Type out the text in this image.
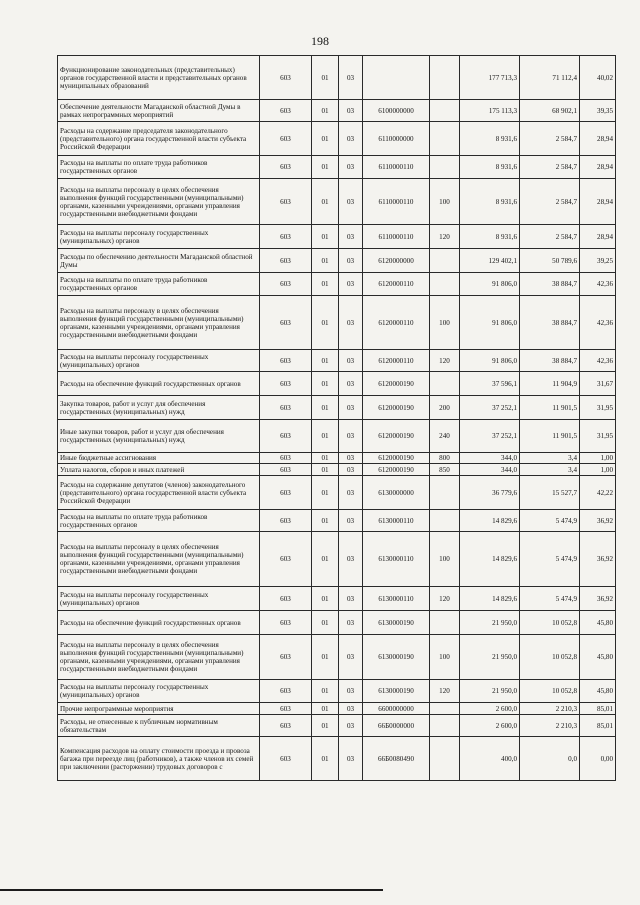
198
Функционирование законодательных (представительных) органов государственной власти и представительных органов муниципальных образований	603	01	03			177 713,3	71 112,4	40,02
Обеспечение деятельности Магаданской областной Думы в рамках непрограммных мероприятий	603	01	03	6100000000		175 113,3	68 902,1	39,35
Расходы на содержание председателя законодательного (представительного) органа государственной власти субъекта Российской Федерации	603	01	03	6110000000		8 931,6	2 584,7	28,94
Расходы на выплаты по оплате труда работников государственных органов	603	01	03	6110000110		8 931,6	2 584,7	28,94
Расходы на выплаты персоналу в целях обеспечения выполнения функций государственными (муниципальными) органами, казенными учреждениями, органами управления государственными внебюджетными фондами	603	01	03	6110000110	100	8 931,6	2 584,7	28,94
Расходы на выплаты персоналу государственных (муниципальных) органов	603	01	03	6110000110	120	8 931,6	2 584,7	28,94
Расходы по обеспечению деятельности Магаданской областной Думы	603	01	03	6120000000		129 402,1	50 789,6	39,25
Расходы на выплаты по оплате труда работников государственных органов	603	01	03	6120000110		91 806,0	38 884,7	42,36
Расходы на выплаты персоналу в целях обеспечения выполнения функций государственными (муниципальными) органами, казенными учреждениями, органами управления государственными внебюджетными фондами	603	01	03	6120000110	100	91 806,0	38 884,7	42,36
Расходы на выплаты персоналу государственных (муниципальных) органов	603	01	03	6120000110	120	91 806,0	38 884,7	42,36
Расходы на обеспечение функций государственных органов	603	01	03	6120000190		37 596,1	11 904,9	31,67
Закупка товаров, работ и услуг для обеспечения государственных (муниципальных) нужд	603	01	03	6120000190	200	37 252,1	11 901,5	31,95
Иные закупки товаров, работ и услуг для обеспечения государственных (муниципальных) нужд	603	01	03	6120000190	240	37 252,1	11 901,5	31,95
Иные бюджетные ассигнования	603	01	03	6120000190	800	344,0	3,4	1,00
Уплата налогов, сборов и иных платежей	603	01	03	6120000190	850	344,0	3,4	1,00
Расходы на содержание депутатов (членов) законодательного (представительного) органа государственной власти субъекта Российской Федерации	603	01	03	6130000000		36 779,6	15 527,7	42,22
Расходы на выплаты по оплате труда работников государственных органов	603	01	03	6130000110		14 829,6	5 474,9	36,92
Расходы на выплаты персоналу в целях обеспечения выполнения функций государственными (муниципальными) органами, казенными учреждениями, органами управления государственными внебюджетными фондами	603	01	03	6130000110	100	14 829,6	5 474,9	36,92
Расходы на выплаты персоналу государственных (муниципальных) органов	603	01	03	6130000110	120	14 829,6	5 474,9	36,92
Расходы на обеспечение функций государственных органов	603	01	03	6130000190		21 950,0	10 052,8	45,80
Расходы на выплаты персоналу в целях обеспечения выполнения функций государственными (муниципальными) органами, казенными учреждениями, органами управления государственными внебюджетными фондами	603	01	03	6130000190	100	21 950,0	10 052,8	45,80
Расходы на выплаты персоналу государственных (муниципальных) органов	603	01	03	6130000190	120	21 950,0	10 052,8	45,80
Прочие непрограммные мероприятия	603	01	03	6600000000		2 600,0	2 210,3	85,01
Расходы, не отнесенные к публичным нормативным обязательствам	603	01	03	66Б0000000		2 600,0	2 210,3	85,01
Компенсация расходов на оплату стоимости проезда и провоза багажа при переезде лиц (работников), а также членов их семей при заключении (расторжении) трудовых договоров с	603	01	03	66Б0080490		400,0	0,0	0,00
